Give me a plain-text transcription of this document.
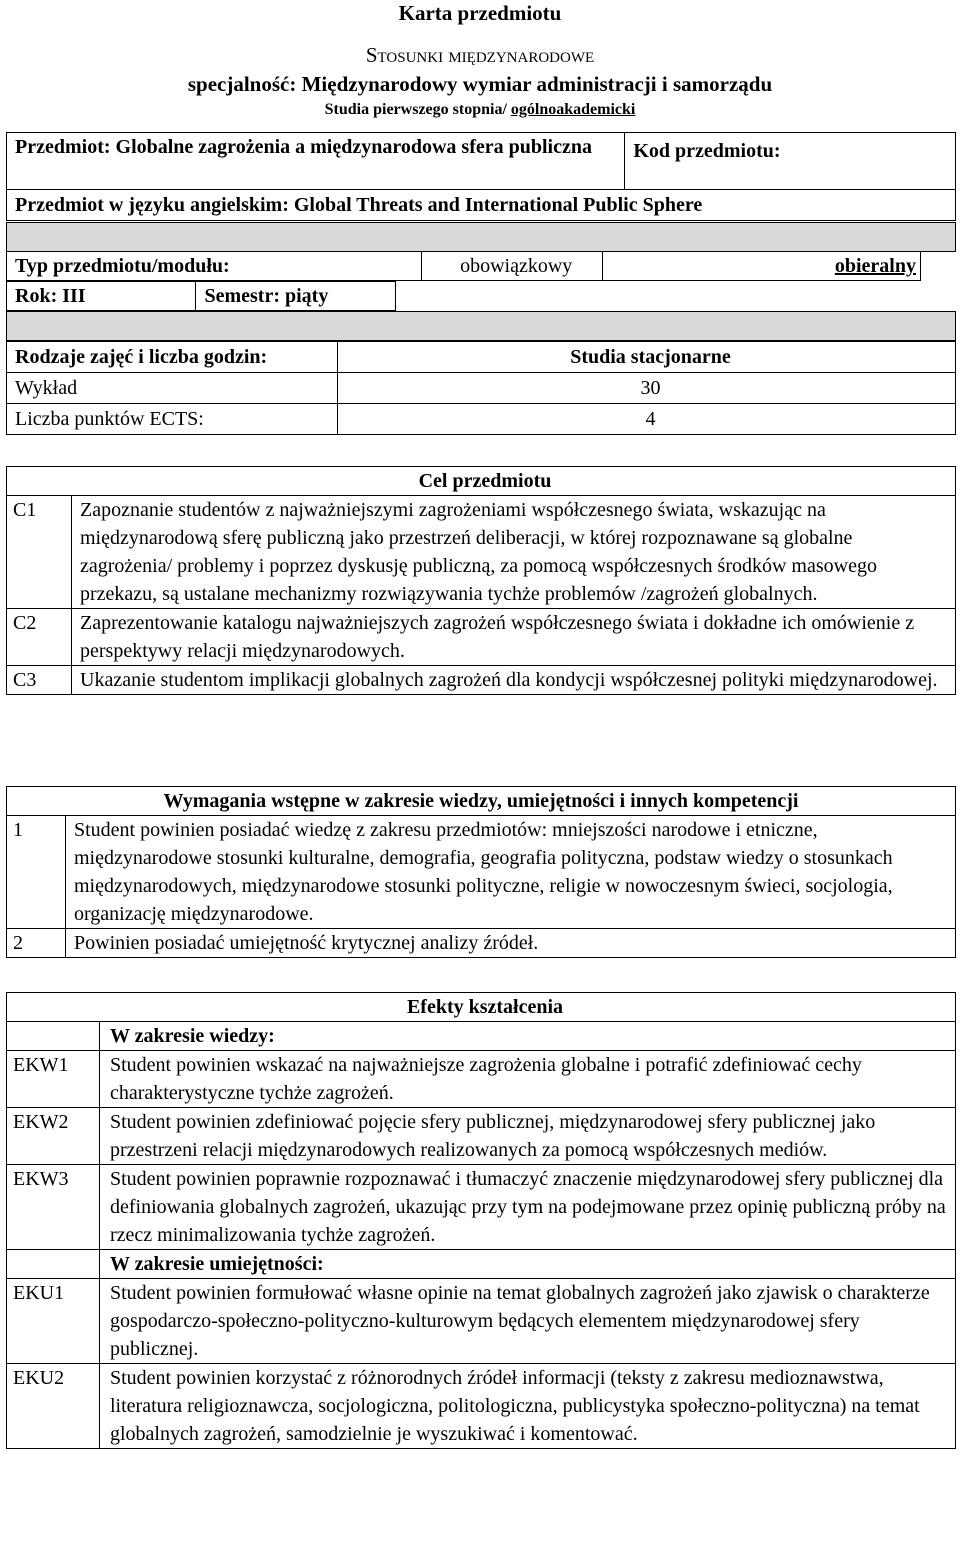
Karta przedmiotu
Stosunki międzynarodowe
specjalność: Międzynarodowy wymiar administracji i samorządu
Studia pierwszego stopnia/ ogólnoakademicki
Przedmiot: Globalne zagrożenia a międzynarodowa sfera publiczna	Kod przedmiotu:
Przedmiot w języku angielskim: Global Threats and International Public Sphere
Typ przedmiotu/modułu:	obowiązkowy	obieralny
Rok: III	Semestr: piąty
Rodzaje zajęć i liczba godzin:	Studia stacjonarne
Wykład	30
Liczba punktów ECTS:	4
Cel przedmiotu	
C1	Zapoznanie studentów z najważniejszymi zagrożeniami współczesnego świata, wskazując na międzynarodową sferę publiczną jako przestrzeń deliberacji, w której rozpoznawane są globalne zagrożenia/ problemy i poprzez dyskusję publiczną, za pomocą współczesnych środków masowego przekazu, są ustalane mechanizmy rozwiązywania tychże problemów /zagrożeń globalnych.
C2	Zaprezentowanie katalogu najważniejszych zagrożeń współczesnego świata i dokładne ich omówienie z perspektywy relacji międzynarodowych.
C3	Ukazanie studentom implikacji globalnych zagrożeń dla kondycji współczesnej polityki międzynarodowej.
Wymagania wstępne w zakresie wiedzy, umiejętności i innych kompetencji	
1	Student powinien posiadać wiedzę z zakresu przedmiotów: mniejszości narodowe i etniczne, międzynarodowe stosunki kulturalne, demografia, geografia polityczna, podstaw wiedzy o stosunkach międzynarodowych, międzynarodowe stosunki polityczne, religie w nowoczesnym świeci, socjologia, organizację międzynarodowe.
2	Powinien posiadać umiejętność krytycznej analizy źródeł.
Efekty kształcenia	
	W zakresie wiedzy:
EKW1	Student powinien wskazać na najważniejsze zagrożenia globalne i potrafić zdefiniować cechy charakterystyczne tychże zagrożeń.
EKW2	Student powinien zdefiniować pojęcie sfery publicznej, międzynarodowej sfery publicznej jako przestrzeni relacji międzynarodowych realizowanych za pomocą współczesnych mediów.
EKW3	Student powinien poprawnie rozpoznawać i tłumaczyć znaczenie międzynarodowej sfery publicznej dla definiowania globalnych zagrożeń, ukazując przy tym na podejmowane przez opinię publiczną próby na rzecz minimalizowania tychże zagrożeń.
	W zakresie umiejętności:
EKU1	Student powinien formułować własne opinie na temat globalnych zagrożeń jako zjawisk o charakterze gospodarczo-społeczno-polityczno-kulturowym będących elementem międzynarodowej sfery publicznej.
EKU2	Student powinien korzystać z różnorodnych źródeł informacji (teksty z zakresu medioznawstwa, literatura religioznawcza, socjologiczna, politologiczna, publicystyka społeczno-polityczna) na temat globalnych zagrożeń, samodzielnie je wyszukiwać i komentować.
